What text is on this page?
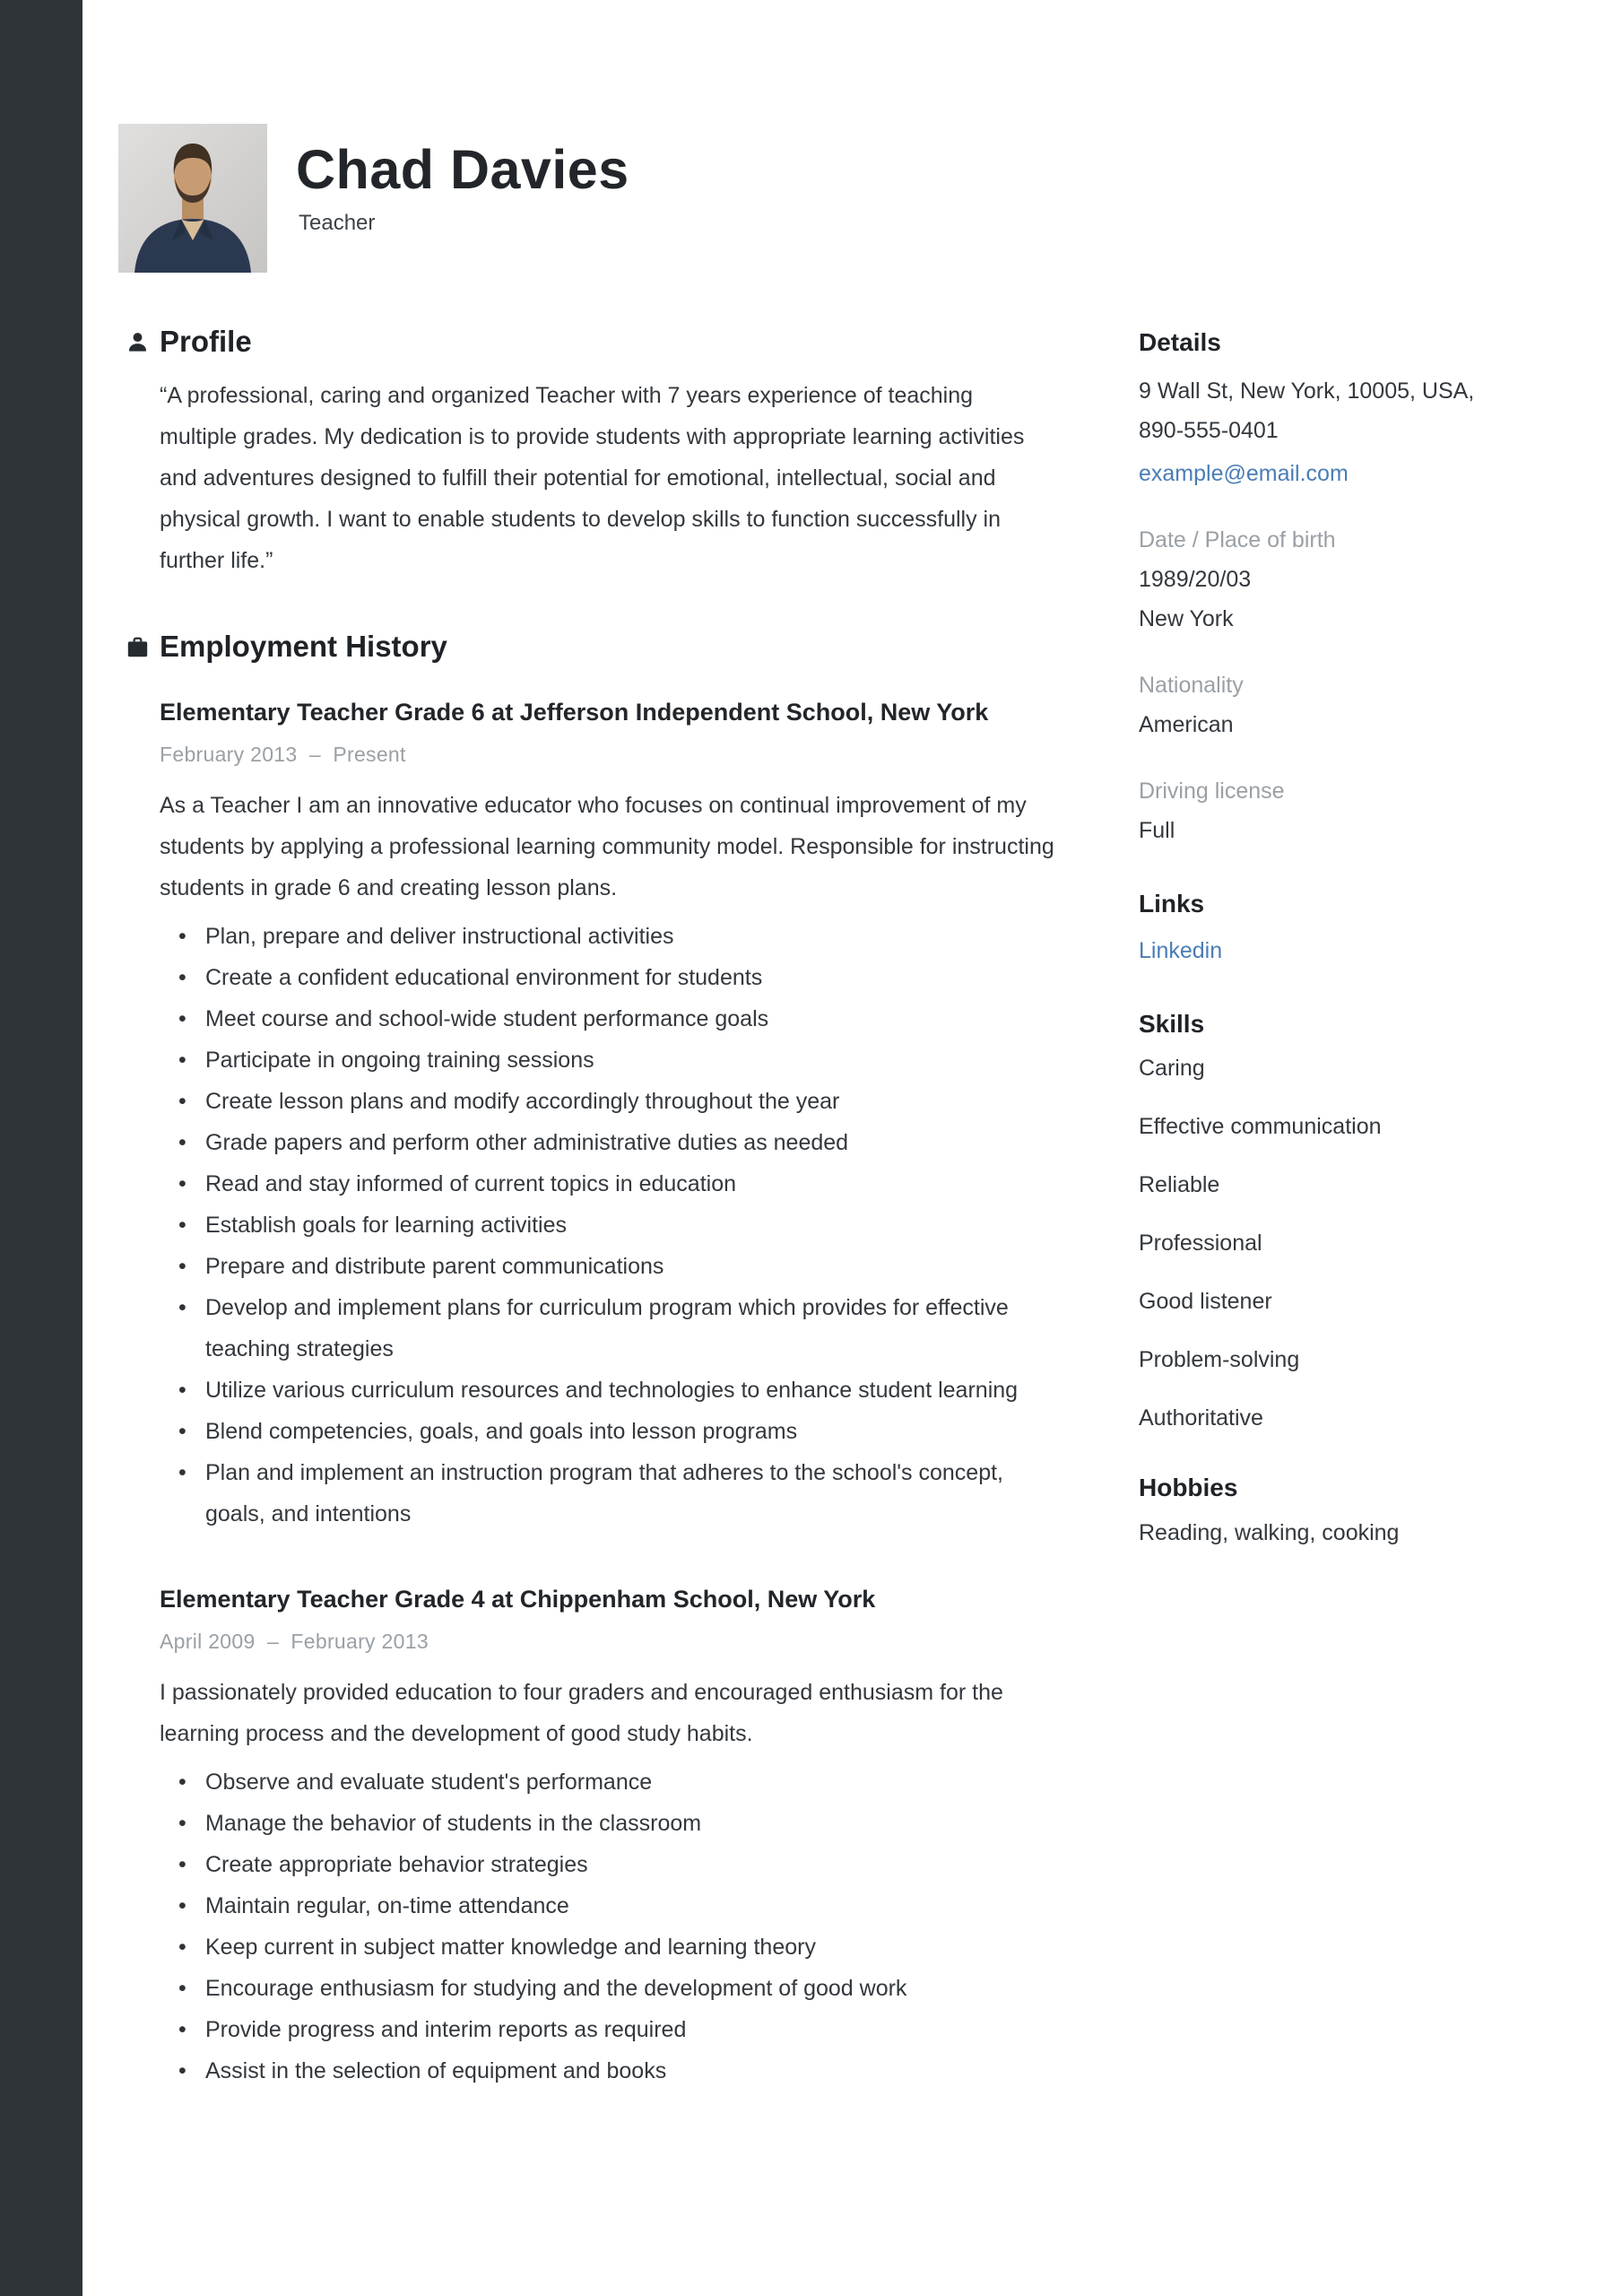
Chad Davies
Teacher
Profile

“A professional, caring and organized Teacher with 7 years experience of teaching multiple grades. My dedication is to provide students with appropriate learning activities and adventures designed to fulfill their potential for emotional, intellectual, social and physical growth. I want to enable students to develop skills to function successfully in further life.”

Employment History
Elementary Teacher Grade 6 at Jefferson Independent School, New York
February 2013  –  Present

As a Teacher I am an innovative educator who focuses on continual improvement of my students by applying a professional learning community model. Responsible for instructing students in grade 6 and creating lesson plans.

• Plan, prepare and deliver instructional activities
• Create a confident educational environment for students
• Meet course and school-wide student performance goals
• Participate in ongoing training sessions
• Create lesson plans and modify accordingly throughout the year
• Grade papers and perform other administrative duties as needed
• Read and stay informed of current topics in education
• Establish goals for learning activities
• Prepare and distribute parent communications
• Develop and implement plans for curriculum program which provides for effective teaching strategies
• Utilize various curriculum resources and technologies to enhance student learning
• Blend competencies, goals, and goals into lesson programs
• Plan and implement an instruction program that adheres to the school's concept, goals, and intentions
Elementary Teacher Grade 4 at Chippenham School, New York
April 2009  –  February 2013

I passionately provided education to four graders and encouraged enthusiasm for the learning process and the development of good study habits.

• Observe and evaluate student's performance
• Manage the behavior of students in the classroom
• Create appropriate behavior strategies
• Maintain regular, on-time attendance
• Keep current in subject matter knowledge and learning theory
• Encourage enthusiasm for studying and the development of good work
• Provide progress and interim reports as required
• Assist in the selection of equipment and books
Details
9 Wall St, New York, 10005, USA,
890-555-0401
example@email.com
Date / Place of birth
1989/20/03
New York
Nationality
American
Driving license
Full
Links
Linkedin
Skills
Caring
Effective communication
Reliable
Professional
Good listener
Problem-solving
Authoritative
Hobbies
Reading, walking, cooking
